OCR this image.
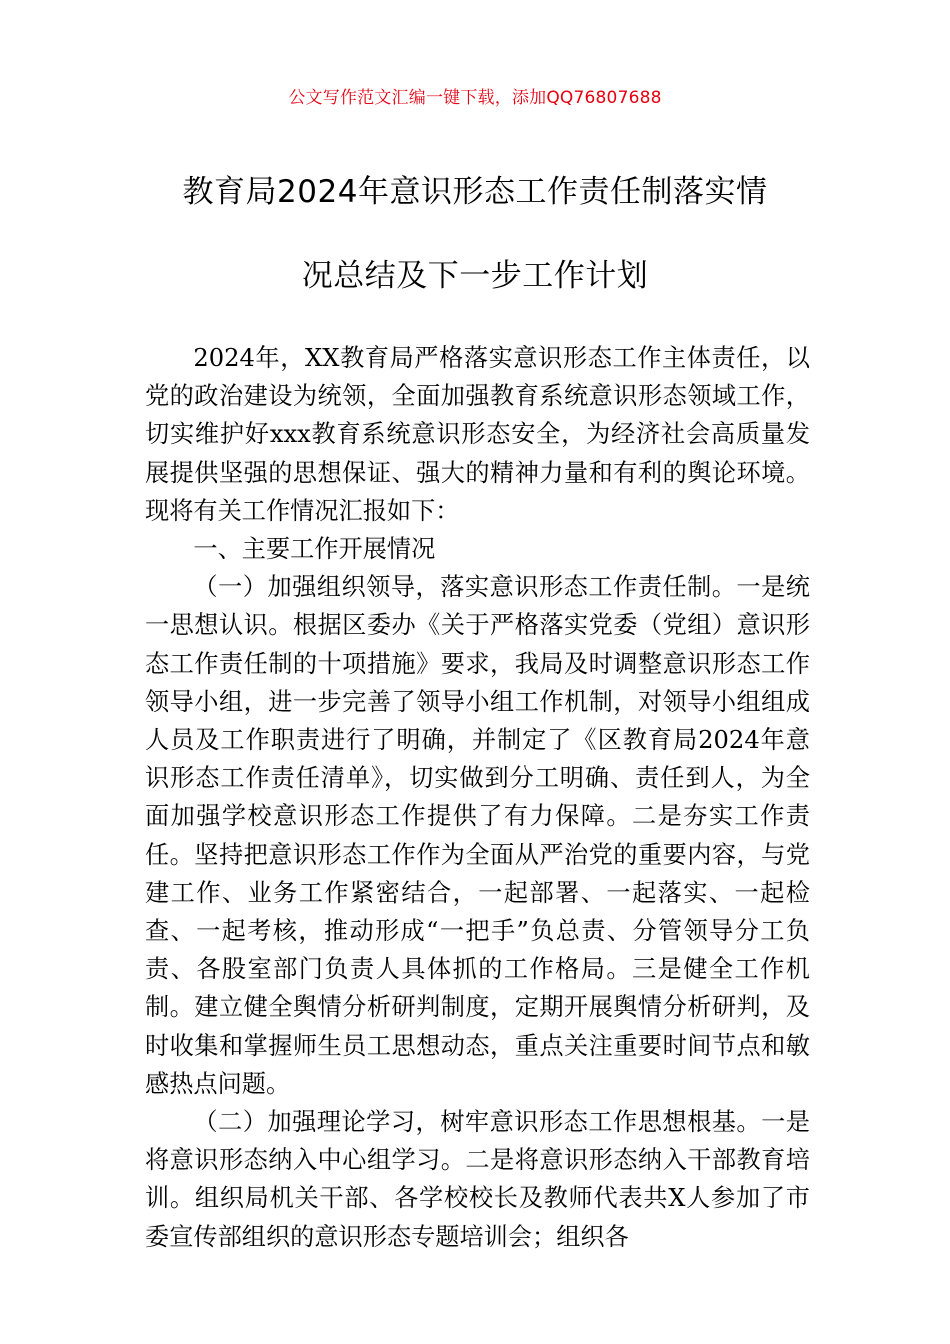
公文写作范文汇编一键下载，添加QQ76807688
教育局2024年意识形态工作责任制落实情
况总结及下一步工作计划

2024年，XX教育局严格落实意识形态工作主体责任，以党的政治建设为统领，全面加强教育系统意识形态领域工作，切实维护好xxx教育系统意识形态安全，为经济社会高质量发展提供坚强的思想保证、强大的精神力量和有利的舆论环境。现将有关工作情况汇报如下：

一、主要工作开展情况

（一）加强组织领导，落实意识形态工作责任制。一是统一思想认识。根据区委办《关于严格落实党委（党组）意识形态工作责任制的十项措施》要求，我局及时调整意识形态工作领导小组，进一步完善了领导小组工作机制，对领导小组组成人员及工作职责进行了明确，并制定了《区教育局2024年意识形态工作责任清单》，切实做到分工明确、责任到人，为全面加强学校意识形态工作提供了有力保障。二是夯实工作责任。坚持把意识形态工作作为全面从严治党的重要内容，与党建工作、业务工作紧密结合，一起部署、一起落实、一起检查、一起考核，推动形成“一把手”负总责、分管领导分工负责、各股室部门负责人具体抓的工作格局。三是健全工作机制。建立健全舆情分析研判制度，定期开展舆情分析研判，及时收集和掌握师生员工思想动态，重点关注重要时间节点和敏感热点问题。

（二）加强理论学习，树牢意识形态工作思想根基。一是将意识形态纳入中心组学习。二是将意识形态纳入干部教育培训。组织局机关干部、各学校校长及教师代表共X人参加了市委宣传部组织的意识形态专题培训会；组织各
